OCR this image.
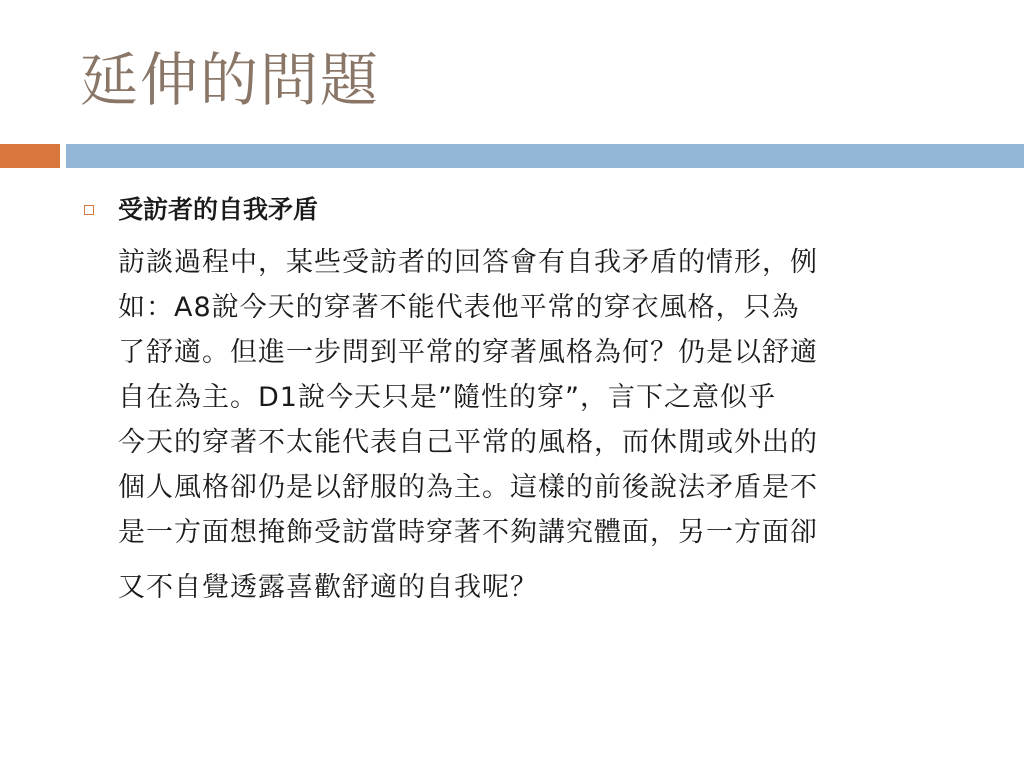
延伸的問題
受訪者的自我矛盾
訪談過程中，某些受訪者的回答會有自我矛盾的情形，例
如：A8說今天的穿著不能代表他平常的穿衣風格，只為
了舒適。但進一步問到平常的穿著風格為何？仍是以舒適
自在為主。D1說今天只是”隨性的穿”，言下之意似乎
今天的穿著不太能代表自己平常的風格，而休閒或外出的
個人風格卻仍是以舒服的為主。這樣的前後說法矛盾是不
是一方面想掩飾受訪當時穿著不夠講究體面，另一方面卻
又不自覺透露喜歡舒適的自我呢？
